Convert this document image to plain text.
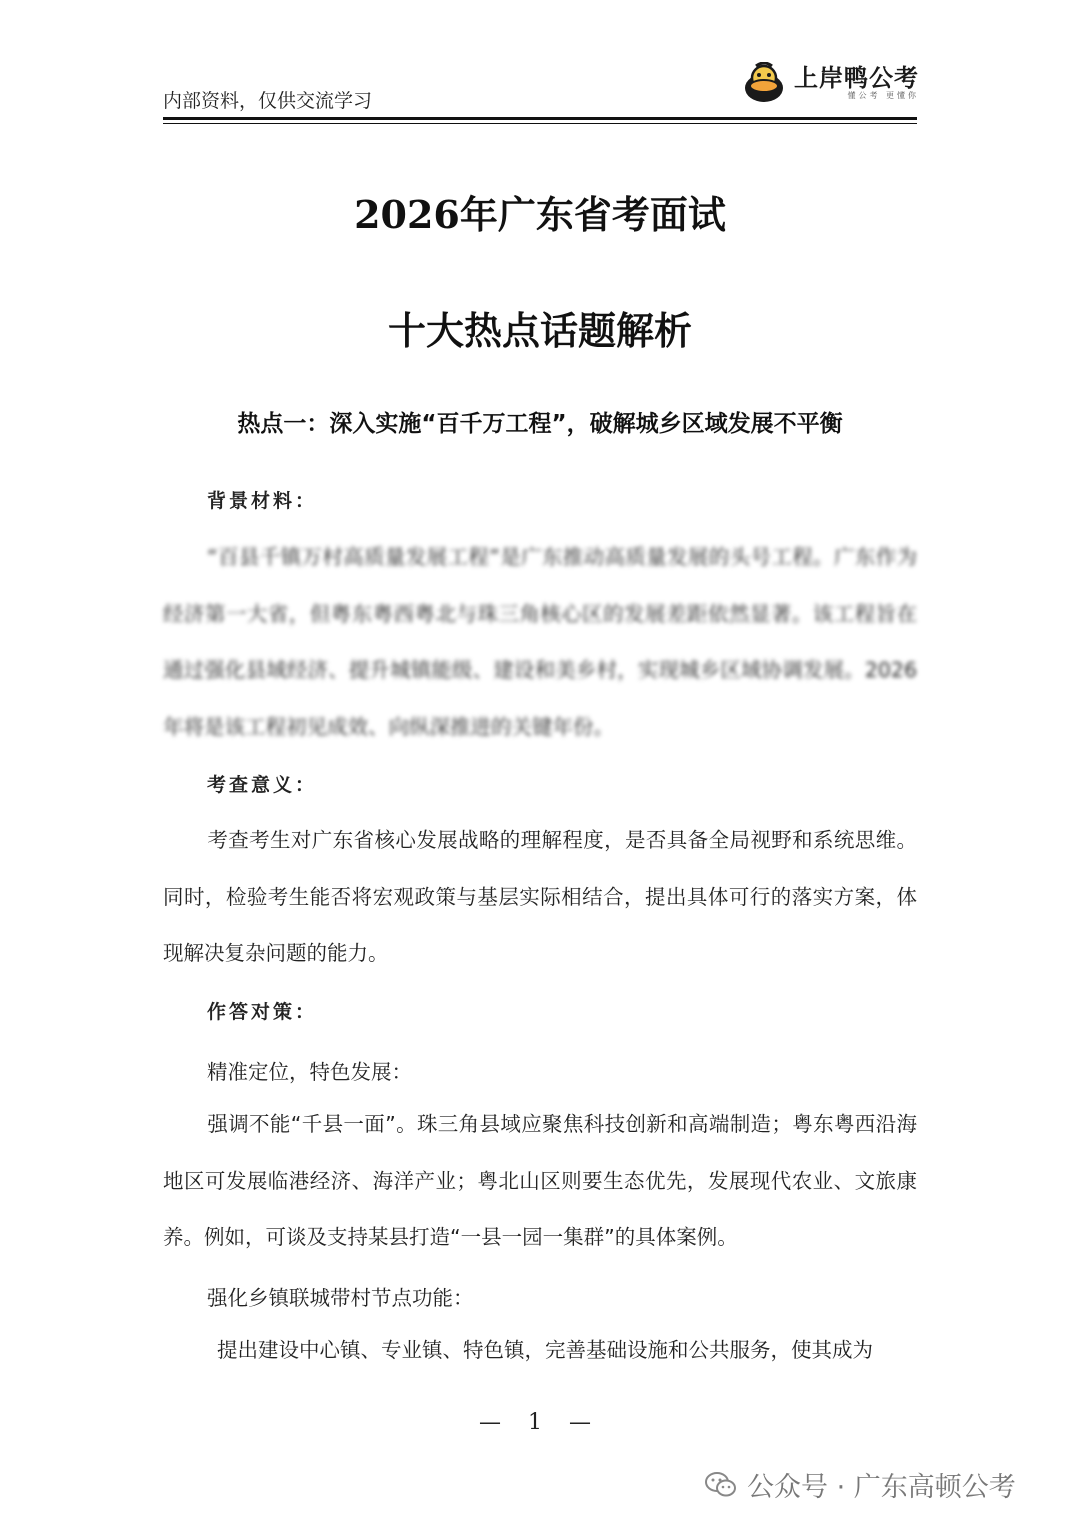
内部资料，仅供交流学习
上岸鸭公考
懂公考 更懂你
2026年广东省考面试
十大热点话题解析
热点一：深入实施“百千万工程”，破解城乡区域发展不平衡
背景材料：

“百县千镇万村高质量发展工程”是广东推动高质量发展的头号工程。广东作为经济第一大省，但粤东粤西粤北与珠三角核心区的发展差距依然显著。该工程旨在通过强化县域经济、提升城镇能级、建设和美乡村，实现城乡区域协调发展。2026年将是该工程初见成效、向纵深推进的关键年份。

考查意义：

考查考生对广东省核心发展战略的理解程度，是否具备全局视野和系统思维。同时，检验考生能否将宏观政策与基层实际相结合，提出具体可行的落实方案，体现解决复杂问题的能力。

作答对策：
精准定位，特色发展：

强调不能“千县一面”。珠三角县域应聚焦科技创新和高端制造；粤东粤西沿海地区可发展临港经济、海洋产业；粤北山区则要生态优先，发展现代农业、文旅康养。例如，可谈及支持某县打造“一县一园一集群”的具体案例。

强化乡镇联城带村节点功能：

提出建设中心镇、专业镇、特色镇，完善基础设施和公共服务，使其成为

— 1 —
公众号 · 广东高顿公考
